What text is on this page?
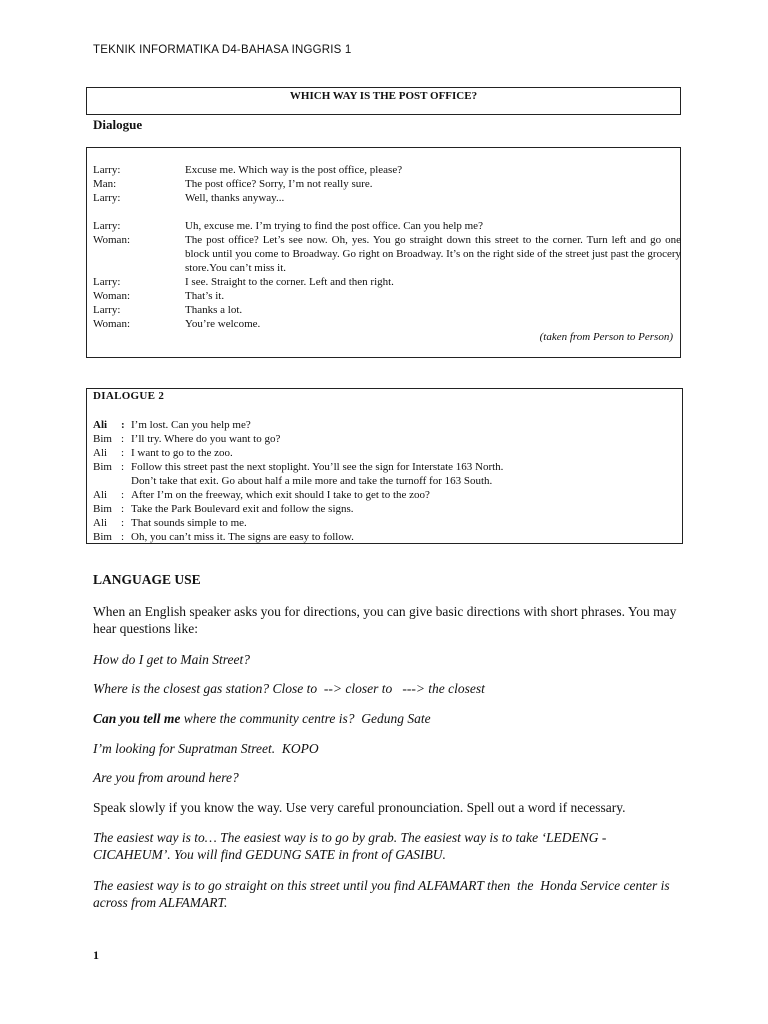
TEKNIK INFORMATIKA D4-BAHASA INGGRIS 1
WHICH WAY IS THE POST OFFICE?
Dialogue
Larry:	Excuse me. Which way is the post office, please?
Man:	The post office? Sorry, I’m not really sure.
Larry:	Well, thanks anyway...
Larry:	Uh, excuse me. I’m trying to find the post office. Can you help me?
Woman:	The post office? Let’s see now. Oh, yes. You go straight down this street to the corner. Turn left and go one block until you come to Broadway. Go right on Broadway. It’s on the right side of the street just past the grocery store.You can’t miss it.
Larry:	I see. Straight to the corner. Left and then right.
Woman:	That’s it.
Larry:	Thanks a lot.
Woman:	You’re welcome.
(taken from Person to Person)
DIALOGUE 2
Ali	: I’m lost. Can you help me?
Bim : I’ll try. Where do you want to go?
Ali	: I want to go to the zoo.
Bim : Follow this street past the next stoplight. You’ll see the sign for Interstate 163 North.
Don’t take that exit. Go about half a mile more and take the turnoff for 163 South.
Ali	: After I’m on the freeway, which exit should I take to get to the zoo?
Bim : Take the Park Boulevard exit and follow the signs.
Ali	: That sounds simple to me.
Bim : Oh, you can’t miss it. The signs are easy to follow.
LANGUAGE USE
When an English speaker asks you for directions, you can give basic directions with short phrases. You may hear questions like:
How do I get to Main Street?
Where is the closest gas station? Close to  --> closer to   ---> the closest
Can you tell me where the community centre is?  Gedung Sate
I’m looking for Supratman Street.  KOPO
Are you from around here?
Speak slowly if you know the way. Use very careful pronounciation. Spell out a word if necessary.
The easiest way is to… The easiest way is to go by grab. The easiest way is to take ‘LEDENG - CICAHEUM’. You will find GEDUNG SATE in front of GASIBU.
The easiest way is to go straight on this street until you find ALFAMART then  the  Honda Service center is across from ALFAMART.
1
